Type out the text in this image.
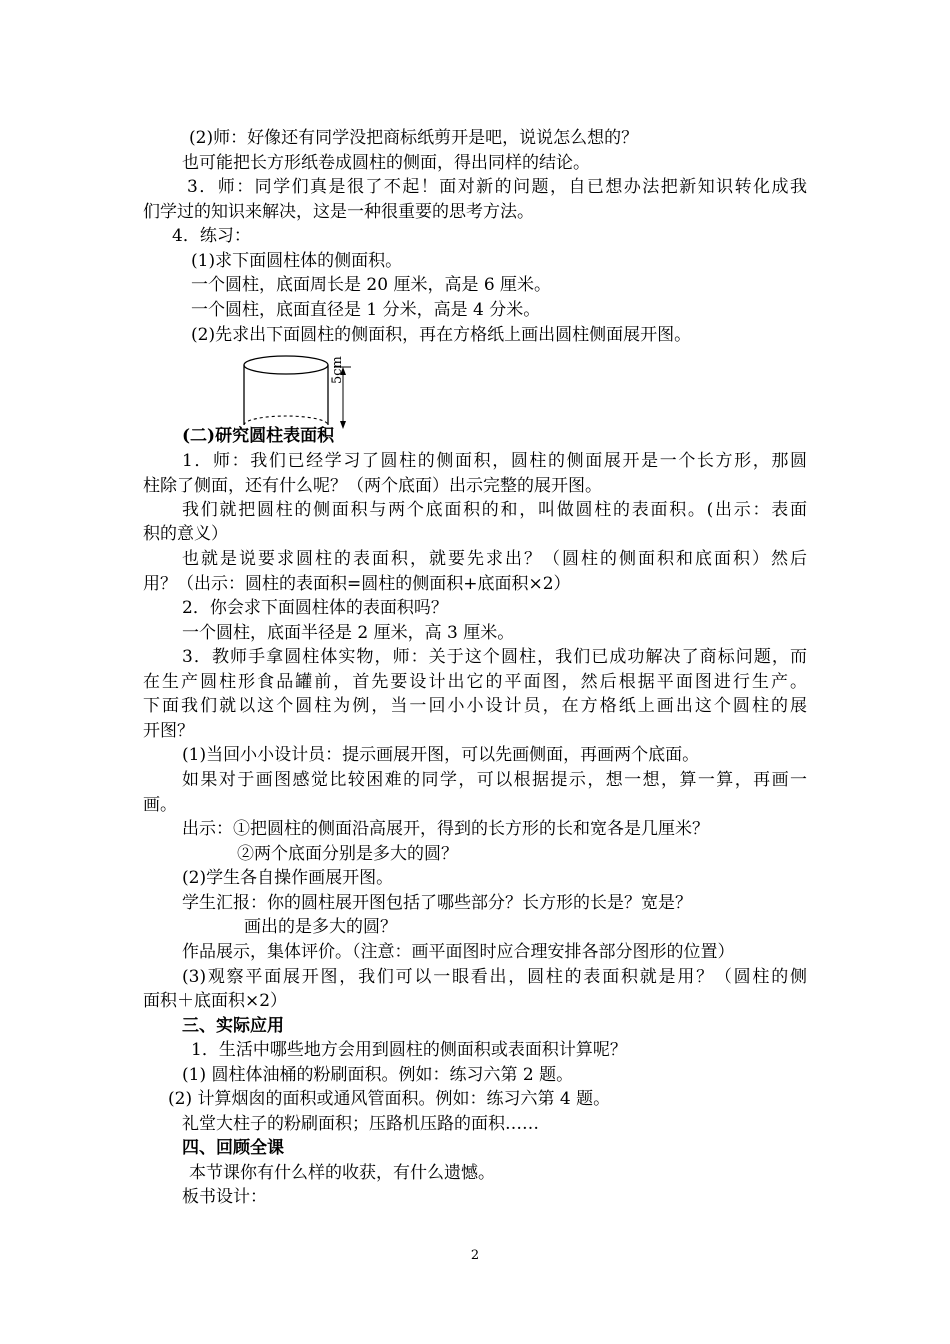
(2)师：好像还有同学没把商标纸剪开是吧，说说怎么想的？
也可能把长方形纸卷成圆柱的侧面，得出同样的结论。
3．师：同学们真是很了不起！面对新的问题，自已想办法把新知识转化成我
们学过的知识来解决，这是一种很重要的思考方法。
4．练习：
(1)求下面圆柱体的侧面积。
一个圆柱，底面周长是 20 厘米，高是 6 厘米。
一个圆柱，底面直径是 1 分米，高是 4 分米。
(2)先求出下面圆柱的侧面积，再在方格纸上画出圆柱侧面展开图。
5cm
(二)研究圆柱表面积
1．师：我们已经学习了圆柱的侧面积，圆柱的侧面展开是一个长方形，那圆
柱除了侧面，还有什么呢？（两个底面）出示完整的展开图。
我们就把圆柱的侧面积与两个底面积的和，叫做圆柱的表面积。(出示：表面
积的意义）
也就是说要求圆柱的表面积，就要先求出？（圆柱的侧面积和底面积）然后
用？（出示：圆柱的表面积=圆柱的侧面积+底面积×2）
2．你会求下面圆柱体的表面积吗？
一个圆柱，底面半径是 2 厘米，高 3 厘米。
3．教师手拿圆柱体实物，师：关于这个圆柱，我们已成功解决了商标问题，而
在生产圆柱形食品罐前，首先要设计出它的平面图，然后根据平面图进行生产。
下面我们就以这个圆柱为例，当一回小小设计员，在方格纸上画出这个圆柱的展
开图？
(1)当回小小设计员：提示画展开图，可以先画侧面，再画两个底面。
如果对于画图感觉比较困难的同学，可以根据提示，想一想，算一算，再画一
画。
出示：①把圆柱的侧面沿高展开，得到的长方形的长和宽各是几厘米？
②两个底面分别是多大的圆？
(2)学生各自操作画展开图。
学生汇报：你的圆柱展开图包括了哪些部分？长方形的长是？宽是？
画出的是多大的圆？
作品展示，集体评价。（注意：画平面图时应合理安排各部分图形的位置）
(3)观察平面展开图，我们可以一眼看出，圆柱的表面积就是用？（圆柱的侧
面积＋底面积×2）
三、实际应用
1．生活中哪些地方会用到圆柱的侧面积或表面积计算呢？
(1) 圆柱体油桶的粉刷面积。例如：练习六第 2 题。
(2) 计算烟囱的面积或通风管面积。例如：练习六第 4 题。
礼堂大柱子的粉刷面积；压路机压路的面积……
四、回顾全课
本节课你有什么样的收获，有什么遗憾。
板书设计：
2
